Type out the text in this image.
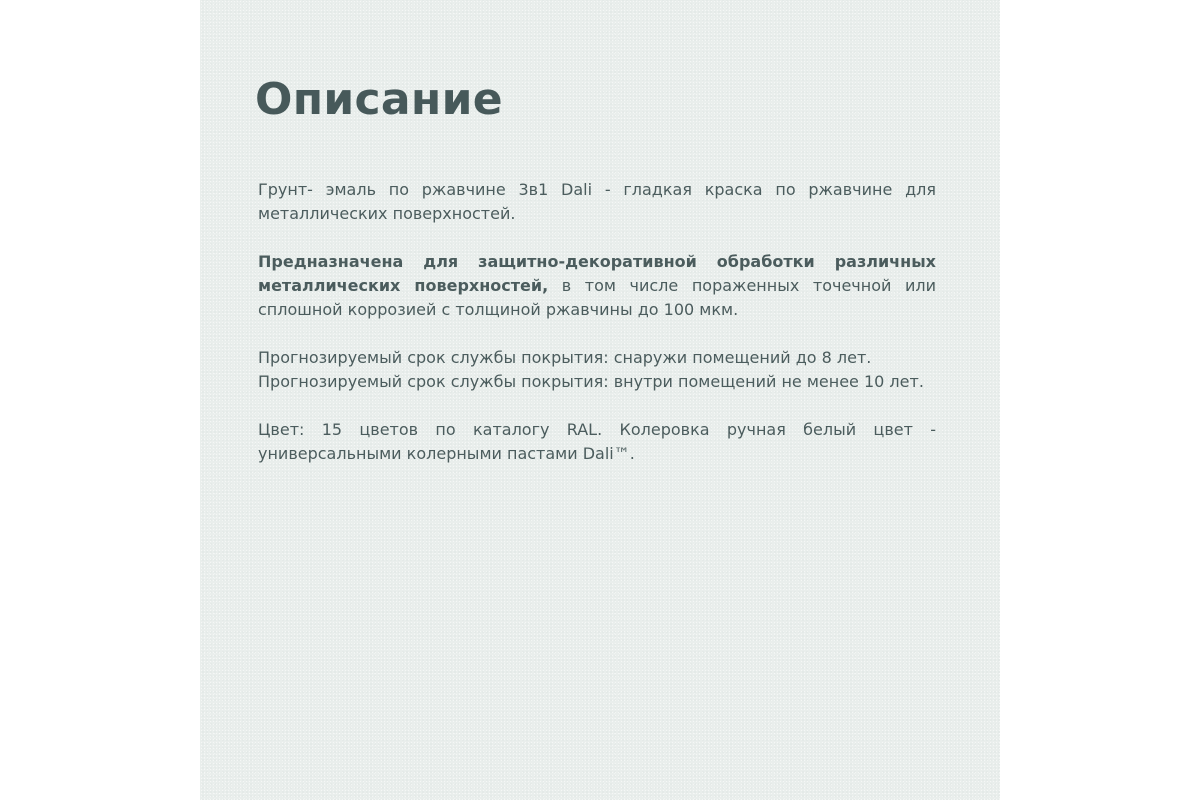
Описание

Грунт- эмаль по ржавчине 3в1 Dali - гладкая краска по ржавчине для металлических поверхностей.

Предназначена для защитно-декоративной обработки различных металлических поверхностей, в том числе пораженных точечной или сплошной коррозией с толщиной ржавчины до 100 мкм.

Прогнозируемый срок службы покрытия: снаружи помещений до 8 лет.
Прогнозируемый срок службы покрытия: внутри помещений не менее 10 лет.

Цвет: 15 цветов по каталогу RAL. Колеровка ручная белый цвет - универсальными колерными пастами Dali™.
